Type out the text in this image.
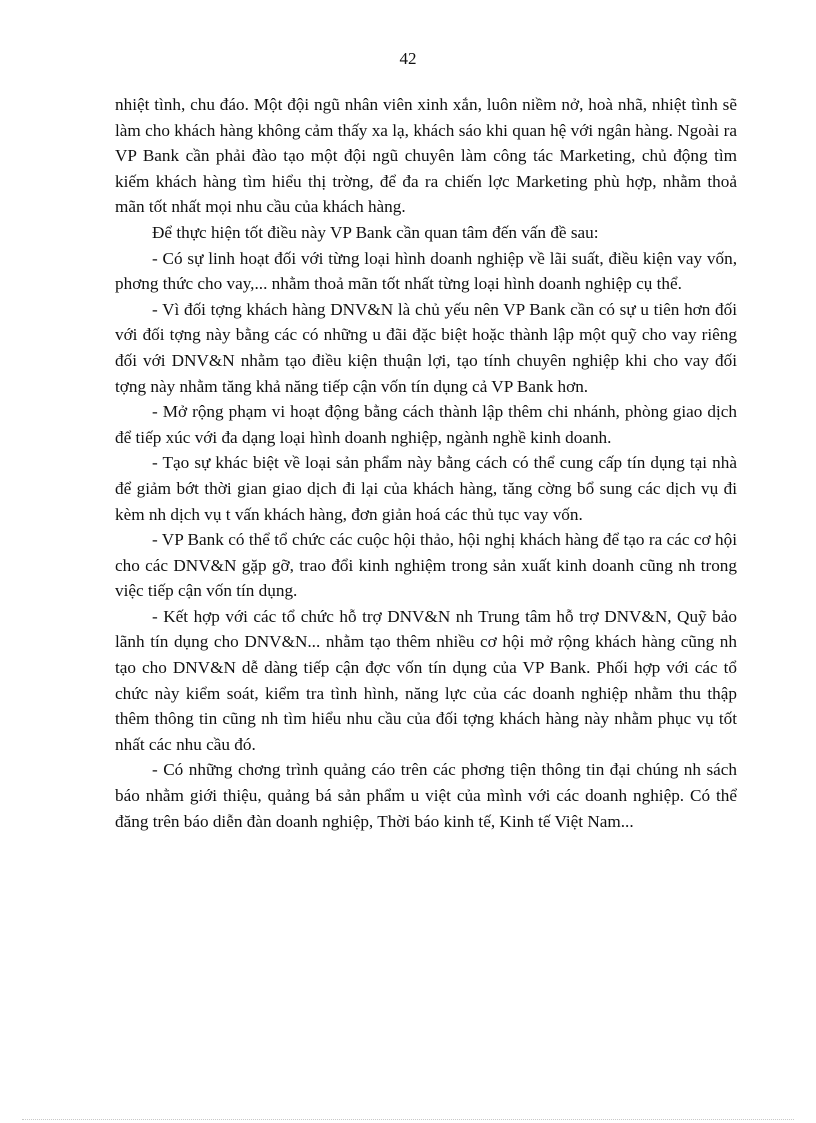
42

nhiệt tình, chu đáo. Một đội ngũ nhân viên xinh xắn, luôn niềm nở, hoà nhã, nhiệt tình sẽ làm cho khách hàng không cảm thấy xa lạ, khách sáo khi quan hệ với ngân hàng. Ngoài ra VP Bank cần phải đào tạo một đội ngũ chuyên làm công tác Marketing, chủ động tìm kiếm khách hàng tìm hiểu thị trờng, để đa ra chiến lợc Marketing phù hợp, nhằm thoả mãn tốt nhất mọi nhu cầu của khách hàng.

Để thực hiện tốt điều này VP Bank cần quan tâm đến vấn đề sau:

- Có sự linh hoạt đối với từng loại hình doanh nghiệp về lãi suất, điều kiện vay vốn, phơng thức cho vay,... nhằm thoả mãn tốt nhất từng loại hình doanh nghiệp cụ thể.

- Vì đối tợng khách hàng DNV&N là chủ yếu nên VP Bank cần có sự u tiên hơn đối với đối tợng này bằng các có những u đãi đặc biệt hoặc thành lập một quỹ cho vay riêng đối với DNV&N nhằm tạo điều kiện thuận lợi, tạo tính chuyên nghiệp khi cho vay đối tợng này nhằm tăng khả năng tiếp cận vốn tín dụng cả VP Bank hơn.

- Mở rộng phạm vi hoạt động bằng cách thành lập thêm chi nhánh, phòng giao dịch để tiếp xúc với đa dạng loại hình doanh nghiệp, ngành nghề kinh doanh.

- Tạo sự khác biệt về loại sản phẩm này bằng cách có thể cung cấp tín dụng tại nhà để giảm bớt thời gian giao dịch đi lại của khách hàng, tăng cờng bổ sung các dịch vụ đi kèm nh dịch vụ t vấn khách hàng, đơn giản hoá các thủ tục vay vốn.

- VP Bank có thể tổ chức các cuộc hội thảo, hội nghị khách hàng để tạo ra các cơ hội cho các DNV&N gặp gỡ, trao đổi kinh nghiệm trong sản xuất kinh doanh cũng nh trong việc tiếp cận vốn tín dụng.

- Kết hợp với các tổ chức hỗ trợ DNV&N nh Trung tâm hỗ trợ DNV&N, Quỹ bảo lãnh tín dụng cho DNV&N... nhằm tạo thêm nhiều cơ hội mở rộng khách hàng cũng nh tạo cho DNV&N dễ dàng tiếp cận đợc vốn tín dụng của VP Bank. Phối hợp với các tổ chức này kiểm soát, kiểm tra tình hình, năng lực của các doanh nghiệp nhằm thu thập thêm thông tin cũng nh tìm hiểu nhu cầu của đối tợng khách hàng này nhằm phục vụ tốt nhất các nhu cầu đó.

- Có những chơng trình quảng cáo trên các phơng tiện thông tin đại chúng nh sách báo nhằm giới thiệu, quảng bá sản phẩm u việt của mình với các doanh nghiệp. Có thể đăng trên báo diễn đàn doanh nghiệp, Thời báo kinh tế, Kinh tế Việt Nam...
